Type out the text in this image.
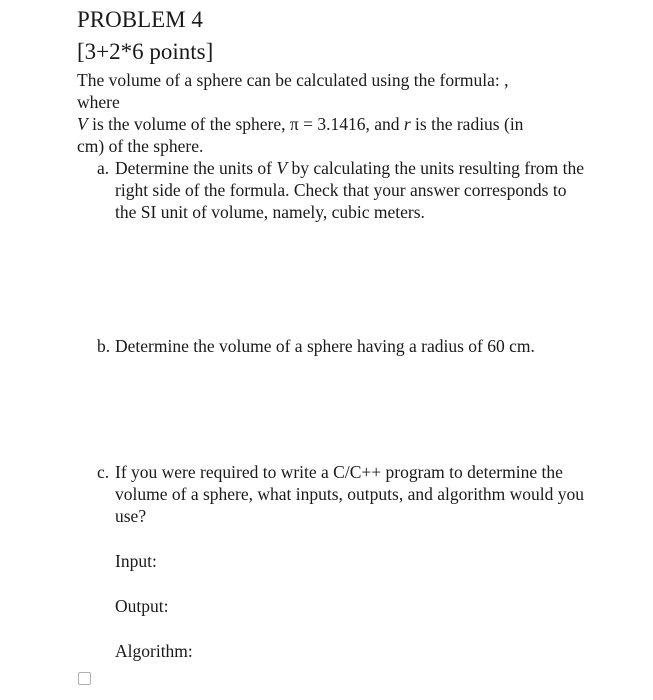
PROBLEM 4

[3+2*6 points]

The volume of a sphere can be calculated using the formula: ,
where
V is the volume of the sphere, π = 3.1416, and r is the radius (in
cm) of the sphere.
a. Determine the units of V by calculating the units resulting from the right side of the formula. Check that your answer corresponds to the SI unit of volume, namely, cubic meters.
b. Determine the volume of a sphere having a radius of 60 cm.
c. If you were required to write a C/C++ program to determine the volume of a sphere, what inputs, outputs, and algorithm would you use?
Input:
Output:
Algorithm:
